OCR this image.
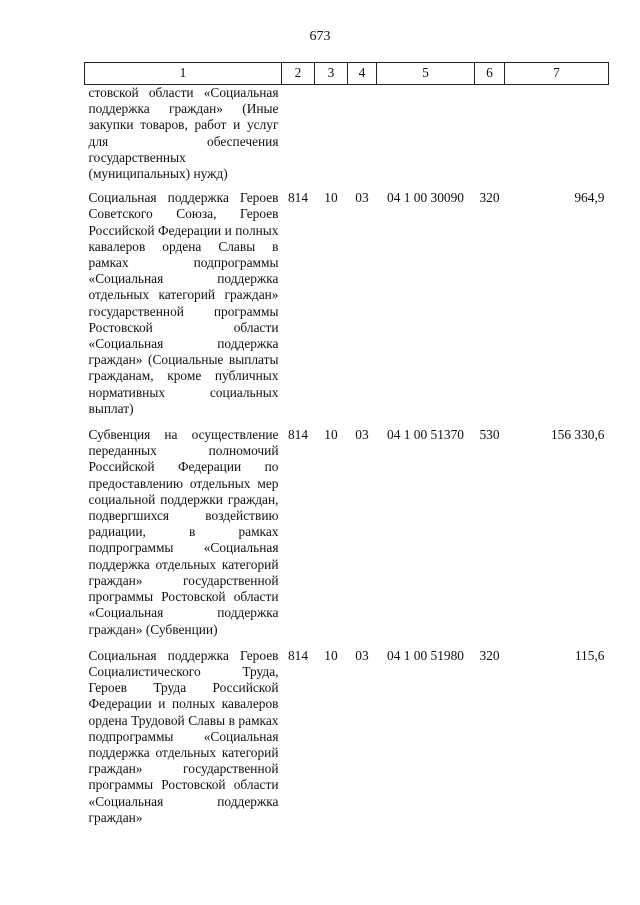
673
1	2	3	4	5	6	7
стовской области «Социальная поддержка граждан» (Иные закупки товаров, работ и услуг для обеспечения государственных (муниципальных) нужд)						
Социальная поддержка Героев Советского Союза, Героев Российской Федерации и полных кавалеров ордена Славы в рамках подпрограммы «Социальная поддержка отдельных категорий граждан» государственной программы Ростовской области «Социальная поддержка граждан» (Социальные выплаты гражданам, кроме публичных нормативных социальных выплат)	814	10	03	04 1 00 30090	320	964,9
Субвенция на осуществление переданных полномочий Российской Федерации по предоставлению отдельных мер социальной поддержки граждан, подвергшихся воздействию радиации, в рамках подпрограммы «Социальная поддержка отдельных категорий граждан» государственной программы Ростовской области «Социальная поддержка граждан» (Субвенции)	814	10	03	04 1 00 51370	530	156 330,6
Социальная поддержка Героев Социалистического Труда, Героев Труда Российской Федерации и полных кавалеров ордена Трудовой Славы в рамках подпрограммы «Социальная поддержка отдельных категорий граждан» государственной программы Ростовской области «Социальная поддержка граждан»	814	10	03	04 1 00 51980	320	115,6
